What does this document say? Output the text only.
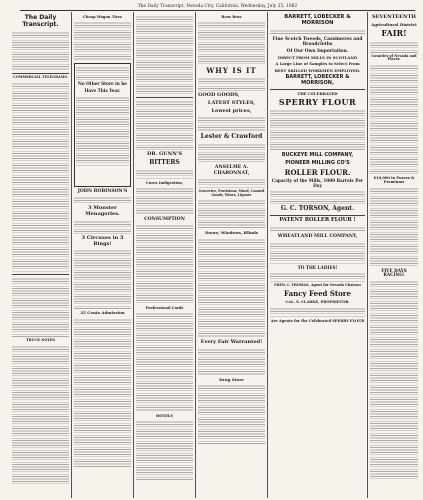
The Daily Transcript, Nevada City, California, Wednesday, July 25, 1882
The Daily Transcript.
COMMERCIAL TELEGRAMS.
TRUCK NOTES
Cheap Wagon Tires
No Other Store in he
Have This Year.
JOHN ROBINSON'S
3 Monster Menageries.
3 Circuses in 3 Rings!
25 Cents Admission
DR. GUNN'S
BITTERS
Cures Indigestion,
CONSUMPTION
Professional Cards
HOTELS
Bear Bros
WHY IS IT
GOOD GOODS,
LATEST STYLES,
Lowest prices,
Lester & Crawford
ANSELME A. CHARONNAT,
Groceries, Provisions, Wood, Canned Goods, Wines, Liquors
Doors, Windows, Blinds
Every Fair Warranted!
Drug Store
BARRETT, LOBECKER & MORRISON
Fine Scotch Tweeds, Cassimeres and Broadcloths
Of Our Own Importation.
DIRECT FROM MILLS IN SCOTLAND
A Large Line of Samples to Select From
BEST SKILLED WORKMEN EMPLOYED.
BARRETT, LOBECKER & MORRISON,
THE CELEBRATED
SPERRY FLOUR
BUCKEYE MILL COMPANY,
PIONEER MILLING CO'S
ROLLER FLOUR.
Capacity of the Mills, 1000 Barrels Per Day
G. C. TORSON, Agent.
PATENT ROLLER FLOUR !
WHEATLAND MILL COMPANY,
TO THE LADIES!
FRED. I. THOMAS, Agent for Nevada Chateau
Fancy Feed Store
CAL. S. CLARKE, PROPRIETOR.
Are Agents for the Celebrated SPERRY FLOUR
SEVENTEENTH
Agricultural District
FAIR!
Counties of Nevada and Placer.
$10,000 in Purses & Premiums
FIVE DAYS RACING!
